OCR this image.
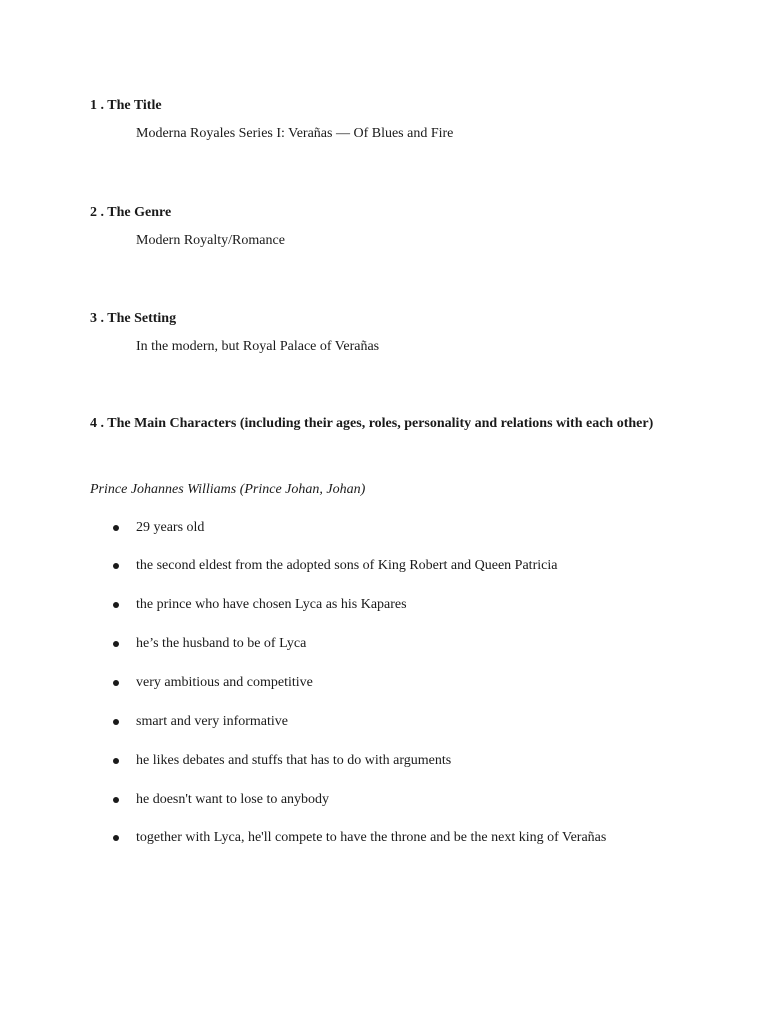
1 . The Title
Moderna Royales Series I: Verañas — Of Blues and Fire
2 . The Genre
Modern Royalty/Romance
3 . The Setting
In the modern, but Royal Palace of Verañas
4 . The Main Characters (including their ages, roles, personality and relations with each other)
Prince Johannes Williams (Prince Johan, Johan)
29 years old
the second eldest from the adopted sons of King Robert and Queen Patricia
the prince who have chosen Lyca as his Kapares
he’s the husband to be of Lyca
very ambitious and competitive
smart and very informative
he likes debates and stuffs that has to do with arguments
he doesn't want to lose to anybody
together with Lyca, he'll compete to have the throne and be the next king of Verañas
